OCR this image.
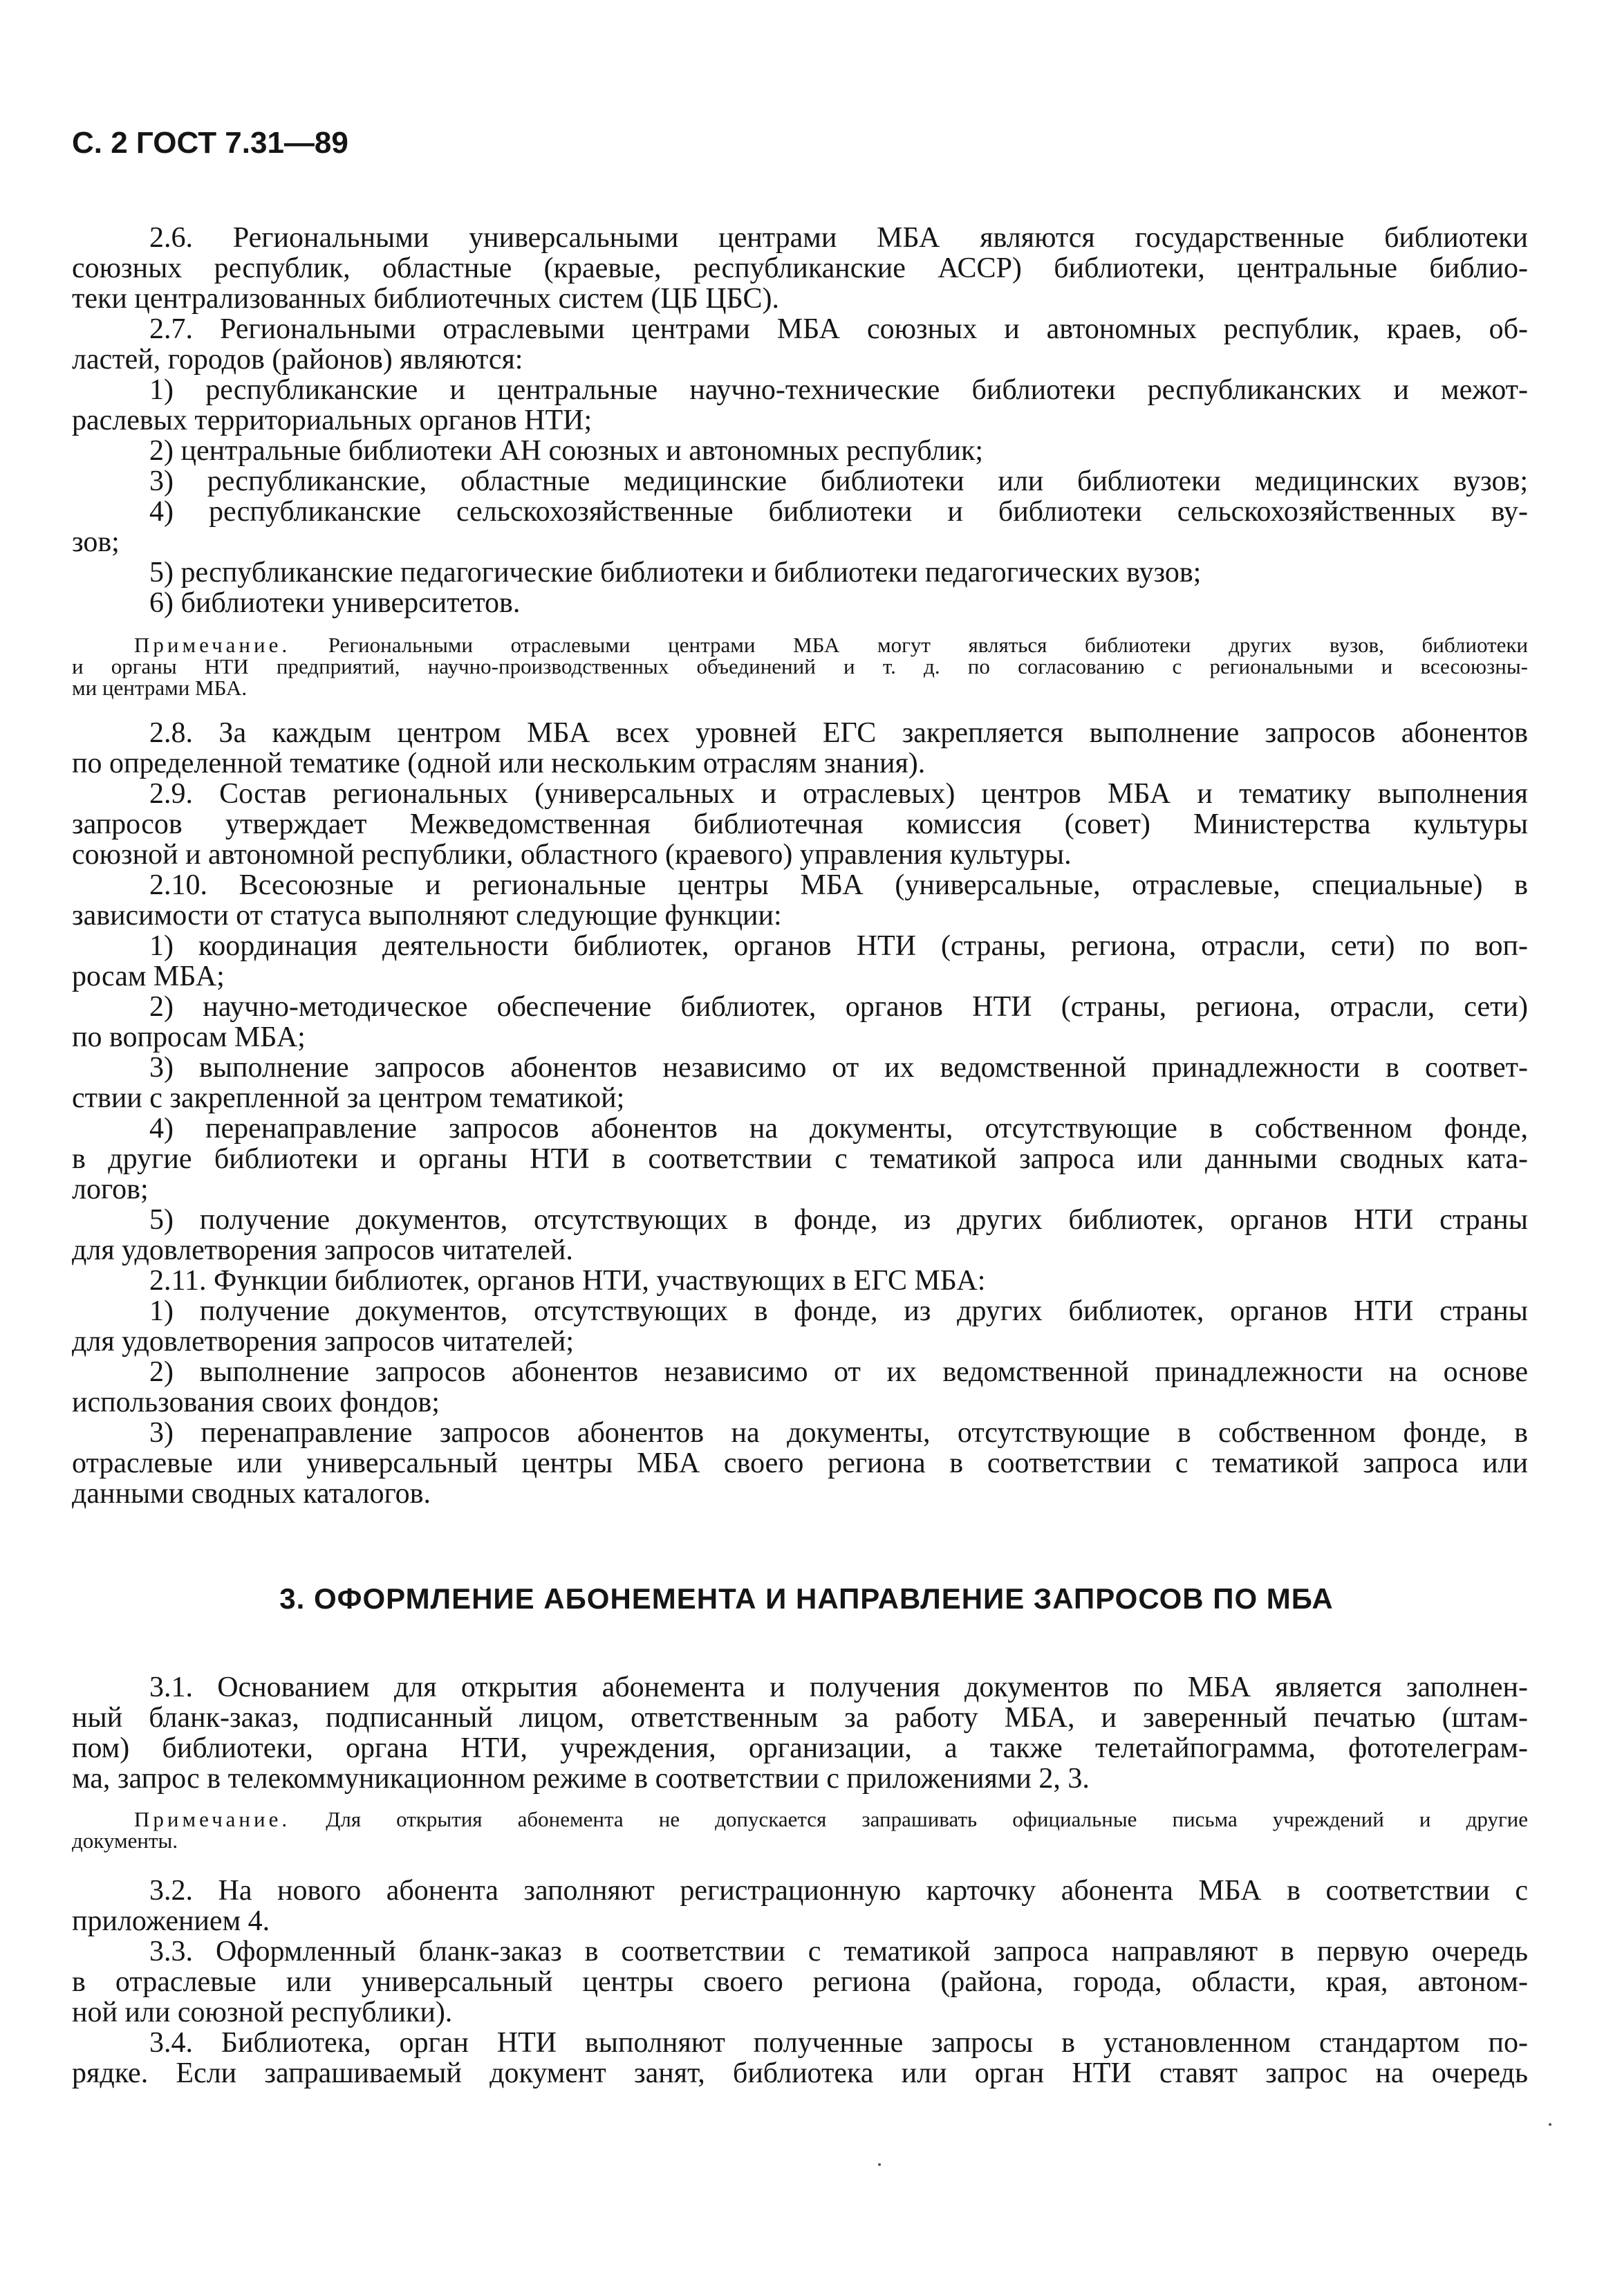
С. 2 ГОСТ 7.31—89
2.6. Региональными универсальными центрами МБА являются государственные библиотеки
союзных республик, областные (краевые, республиканские АССР) библиотеки, центральные библио-
теки централизованных библиотечных систем (ЦБ ЦБС).
2.7. Региональными отраслевыми центрами МБА союзных и автономных республик, краев, об-
ластей, городов (районов) являются:
1) республиканские и центральные научно-технические библиотеки республиканских и межот-
раслевых территориальных органов НТИ;
2) центральные библиотеки АН союзных и автономных республик;
3) республиканские, областные медицинские библиотеки или библиотеки медицинских вузов;
4) республиканские сельскохозяйственные библиотеки и библиотеки сельскохозяйственных ву-
зов;
5) республиканские педагогические библиотеки и библиотеки педагогических вузов;
6) библиотеки университетов.
Примечание. Региональными отраслевыми центрами МБА могут являться библиотеки других вузов, библиотеки
и органы НТИ предприятий, научно-производственных объединений и т. д. по согласованию с региональными и всесоюзны-
ми центрами МБА.
2.8. За каждым центром МБА всех уровней ЕГС закрепляется выполнение запросов абонентов
по определенной тематике (одной или нескольким отраслям знания).
2.9. Состав региональных (универсальных и отраслевых) центров МБА и тематику выполнения
запросов утверждает Межведомственная библиотечная комиссия (совет) Министерства культуры
союзной и автономной республики, областного (краевого) управления культуры.
2.10. Всесоюзные и региональные центры МБА (универсальные, отраслевые, специальные) в
зависимости от статуса выполняют следующие функции:
1) координация деятельности библиотек, органов НТИ (страны, региона, отрасли, сети) по воп-
росам МБА;
2) научно-методическое обеспечение библиотек, органов НТИ (страны, региона, отрасли, сети)
по вопросам МБА;
3) выполнение запросов абонентов независимо от их ведомственной принадлежности в соответ-
ствии с закрепленной за центром тематикой;
4) перенаправление запросов абонентов на документы, отсутствующие в собственном фонде,
в другие библиотеки и органы НТИ в соответствии с тематикой запроса или данными сводных ката-
логов;
5) получение документов, отсутствующих в фонде, из других библиотек, органов НТИ страны
для удовлетворения запросов читателей.
2.11. Функции библиотек, органов НТИ, участвующих в ЕГС МБА:
1) получение документов, отсутствующих в фонде, из других библиотек, органов НТИ страны
для удовлетворения запросов читателей;
2) выполнение запросов абонентов независимо от их ведомственной принадлежности на основе
использования своих фондов;
3) перенаправление запросов абонентов на документы, отсутствующие в собственном фонде, в
отраслевые или универсальный центры МБА своего региона в соответствии с тематикой запроса или
данными сводных каталогов.
3. ОФОРМЛЕНИЕ АБОНЕМЕНТА И НАПРАВЛЕНИЕ ЗАПРОСОВ ПО МБА
3.1. Основанием для открытия абонемента и получения документов по МБА является заполнен-
ный бланк-заказ, подписанный лицом, ответственным за работу МБА, и заверенный печатью (штам-
пом) библиотеки, органа НТИ, учреждения, организации, а также телетайпограмма, фототелеграм-
ма, запрос в телекоммуникационном режиме в соответствии с приложениями 2, 3.
Примечание. Для открытия абонемента не допускается запрашивать официальные письма учреждений и другие
документы.
3.2. На нового абонента заполняют регистрационную карточку абонента МБА в соответствии с
приложением 4.
3.3. Оформленный бланк-заказ в соответствии с тематикой запроса направляют в первую очередь
в отраслевые или универсальный центры своего региона (района, города, области, края, автоном-
ной или союзной республики).
3.4. Библиотека, орган НТИ выполняют полученные запросы в установленном стандартом по-
рядке. Если запрашиваемый документ занят, библиотека или орган НТИ ставят запрос на очередь
